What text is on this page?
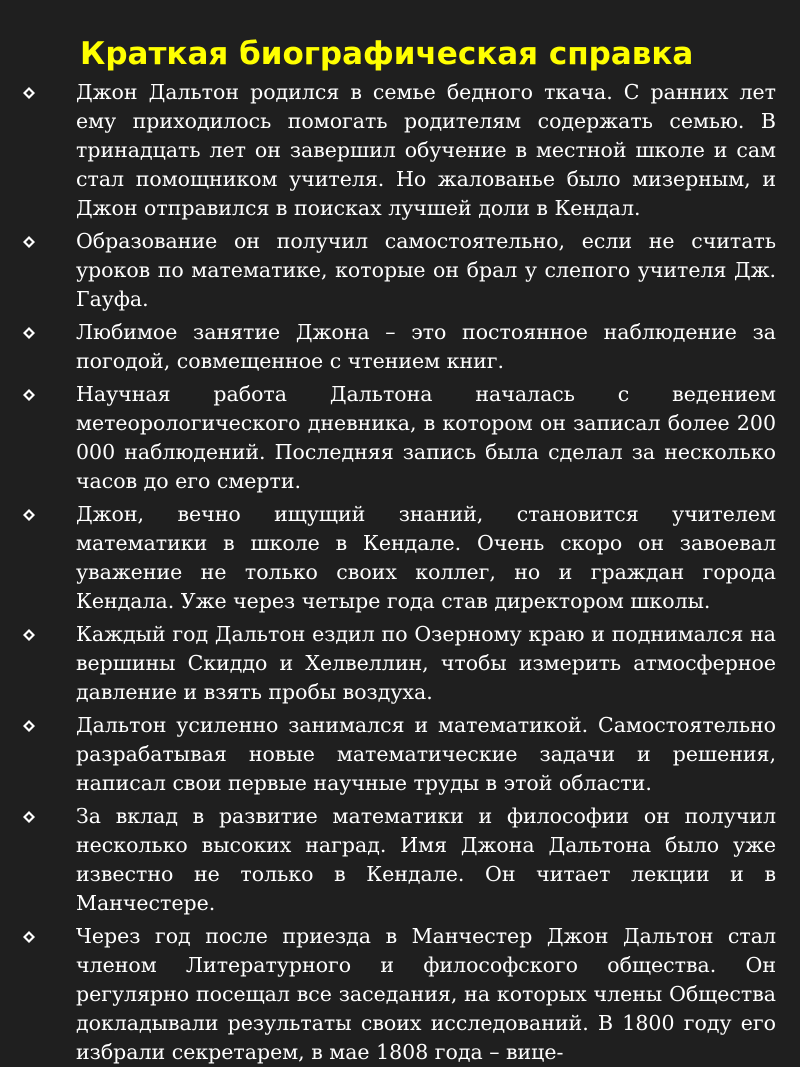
Краткая биографическая справка
Джон Дальтон родился в семье бедного ткача. С ранних лет ему приходилось помогать родителям содержать семью. В тринадцать лет он завершил обучение в местной школе и сам стал помощником учителя. Но жалованье было мизерным, и Джон отправился в поисках лучшей доли в Кендал.
Образование он получил самостоятельно, если не считать уроков по математике, которые он брал у слепого учителя Дж. Гауфа.
Любимое занятие Джона – это постоянное наблюдение за погодой, совмещенное с чтением книг.
Научная работа Дальтона началась с ведением метеорологического дневника, в котором он записал более 200 000 наблюдений. Последняя запись была сделал за несколько часов до его смерти.
Джон, вечно ищущий знаний, становится учителем математики в школе в Кендале. Очень скоро он завоевал уважение не только своих коллег, но и граждан города Кендала. Уже через четыре года став директором школы.
Каждый год Дальтон ездил по Озерному краю и поднимался на вершины Скиддо и Хелвеллин, чтобы измерить атмосферное давление и взять пробы воздуха.
Дальтон усиленно занимался и математикой. Самостоятельно разрабатывая новые математические задачи и решения, написал свои первые научные труды в этой области.
За вклад в развитие математики и философии он получил несколько высоких наград. Имя Джона Дальтона было уже известно не только в Кендале. Он читает лекции и в Манчестере.
Через год после приезда в Манчестер Джон Дальтон стал членом Литературного и философского общества. Он регулярно посещал все заседания, на которых члены Общества докладывали результаты своих исследований. В 1800 году его избрали секретарем, в мае 1808 года – вице-
